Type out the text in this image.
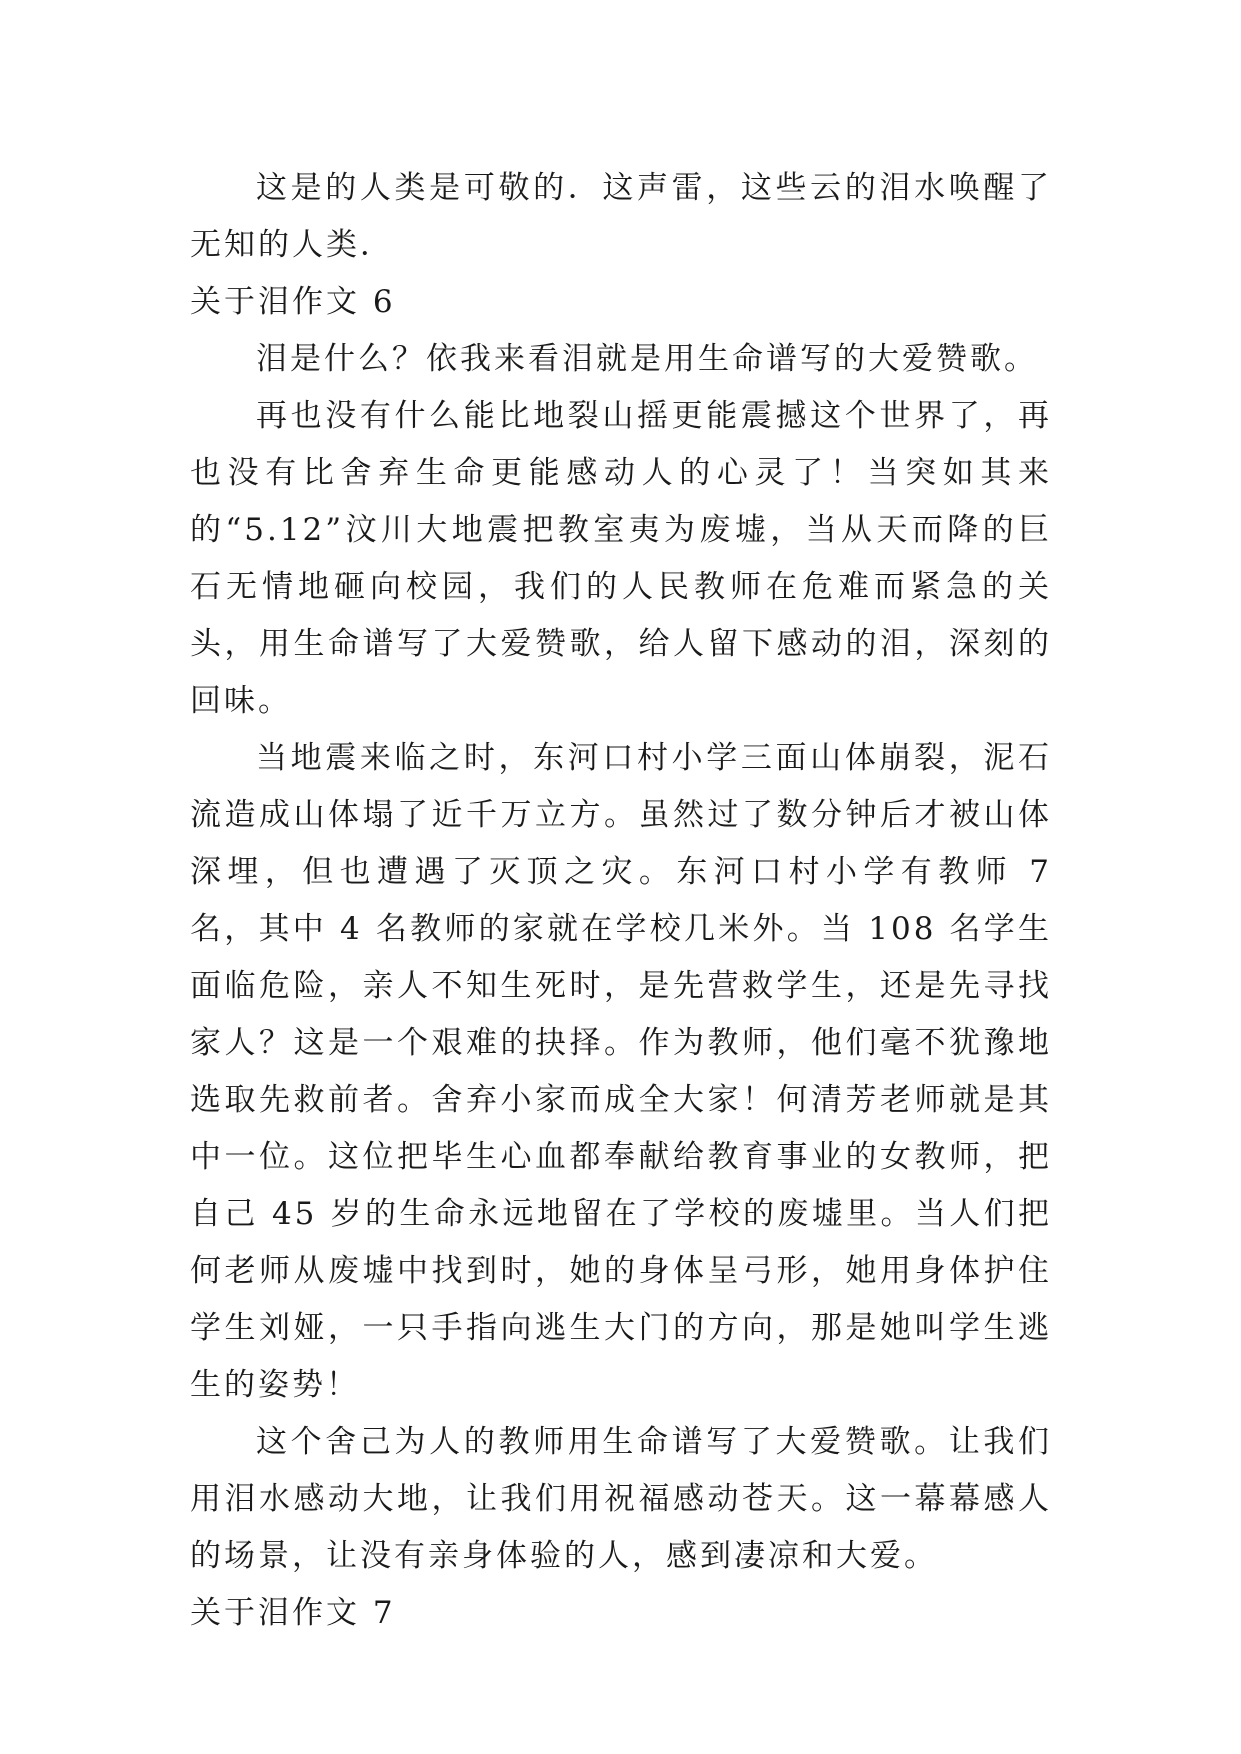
这是的人类是可敬的．这声雷，这些云的泪水唤醒了无知的人类．

关于泪作文 6

泪是什么？依我来看泪就是用生命谱写的大爱赞歌。

再也没有什么能比地裂山摇更能震撼这个世界了，再也没有比舍弃生命更能感动人的心灵了！当突如其来的“5.12”汶川大地震把教室夷为废墟，当从天而降的巨石无情地砸向校园，我们的人民教师在危难而紧急的关头，用生命谱写了大爱赞歌，给人留下感动的泪，深刻的回味。

当地震来临之时，东河口村小学三面山体崩裂，泥石流造成山体塌了近千万立方。虽然过了数分钟后才被山体深埋，但也遭遇了灭顶之灾。东河口村小学有教师 7 名，其中 4 名教师的家就在学校几米外。当 108 名学生面临危险，亲人不知生死时，是先营救学生，还是先寻找家人？这是一个艰难的抉择。作为教师，他们毫不犹豫地选取先救前者。舍弃小家而成全大家！何清芳老师就是其中一位。这位把毕生心血都奉献给教育事业的女教师，把自己 45 岁的生命永远地留在了学校的废墟里。当人们把何老师从废墟中找到时，她的身体呈弓形，她用身体护住学生刘娅，一只手指向逃生大门的方向，那是她叫学生逃生的姿势！

这个舍己为人的教师用生命谱写了大爱赞歌。让我们用泪水感动大地，让我们用祝福感动苍天。这一幕幕感人的场景，让没有亲身体验的人，感到凄凉和大爱。

关于泪作文 7
